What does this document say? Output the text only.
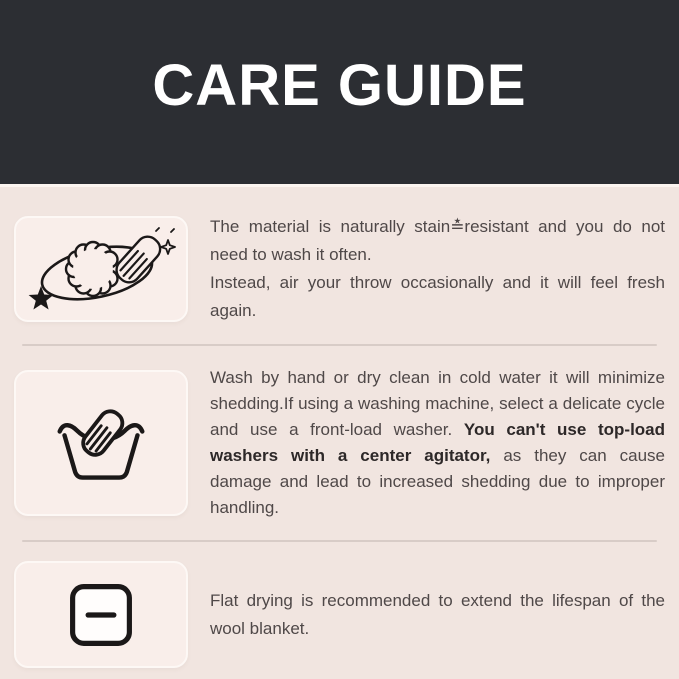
CARE GUIDE

The material is naturally stain≛resistant and you do not need to wash it often.

Instead, air your throw occasionally and it will feel fresh again.

Wash by hand or dry clean in cold water it will minimize shedding.If using a washing machine, select a delicate cycle and use a front-load washer. You can't use top-load washers with a center agitator, as they can cause damage and lead to increased shedding due to improper handling.

Flat drying is recommended to extend the lifespan of the wool blanket.
